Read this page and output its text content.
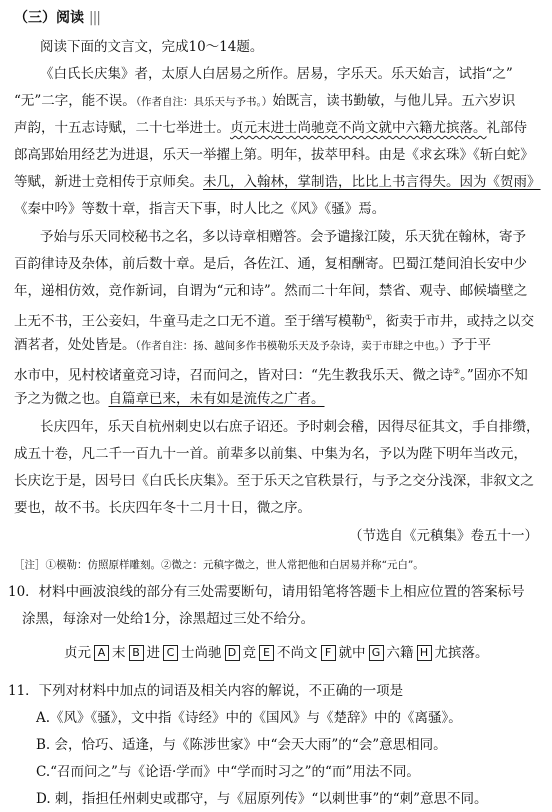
（三）阅读 |||
阅读下面的文言文，完成10～14题。
《白氏长庆集》者，太原人白居易之所作。居易，字乐天。乐天始言，试指“之”
“无”二字，能不误。（作者自注：具乐天与予书。）始既言，读书勤敏，与他儿异。五六岁识
声韵，十五志诗赋，二十七举进士。贞元末进士尚驰竞不尚文就中六籍尤摈落。礼部侍
郎高郢始用经艺为进退，乐天一举擢上第。明年，拔萃甲科。由是《求玄珠》《斩白蛇》
等赋，新进士竞相传于京师矣。未几，入翰林，掌制诰，比比上书言得失。因为《贺雨》
《秦中吟》等数十章，指言天下事，时人比之《风》《骚》焉。
予始与乐天同校秘书之名，多以诗章相赠答。会予谴掾江陵，乐天犹在翰林，寄予
百韵律诗及杂体，前后数十章。是后，各佐江、通，复相酬寄。巴蜀江楚间洎长安中少
年，递相仿效，竞作新词，自谓为“元和诗”。然而二十年间，禁省、观寺、邮候墙壁之
上无不书，王公妾妇，牛童马走之口无不道。至于缮写模勒①，衒卖于市井，或持之以交
酒茗者，处处皆是。（作者自注：扬、越间多作书模勒乐天及予杂诗，卖于市肆之中也。）予于平
水市中，见村校诸童竞习诗，召而问之，皆对曰：“先生教我乐天、微之诗②。”固亦不知
予之为微之也。自篇章已来，未有如是流传之广者。
长庆四年，乐天自杭州刺史以右庶子诏还。予时刺会稽，因得尽征其文，手自排缵，
成五十卷，凡二千一百九十一首。前辈多以前集、中集为名，予以为陛下明年当改元，
长庆讫于是，因号曰《白氏长庆集》。至于乐天之官秩景行，与予之交分浅深，非叙文之
要也，故不书。长庆四年冬十二月十日，微之序。
（节选自《元稹集》卷五十一）
［注］①模勒：仿照原样雕刻。②微之：元稹字微之，世人常把他和白居易并称“元白”。
10．材料中画波浪线的部分有三处需要断句，请用铅笔将答题卡上相应位置的答案标号
涂黑，每涂对一处给1分，涂黑超过三处不给分。
贞元 A 末 B 进 C 士尚驰 D 竞 E 不尚文 F 就中 G 六籍 H 尤摈落。
11．下列对材料中加点的词语及相关内容的解说，不正确的一项是
A.《风》《骚》，文中指《诗经》中的《国风》与《楚辞》中的《离骚》。
B. 会，恰巧、适逢，与《陈涉世家》中“会天大雨”的“会”意思相同。
C.“召而问之”与《论语·学而》中“学而时习之”的“而”用法不同。
D. 刺，指担任州刺史或郡守，与《屈原列传》“以刺世事”的“刺”意思不同。
